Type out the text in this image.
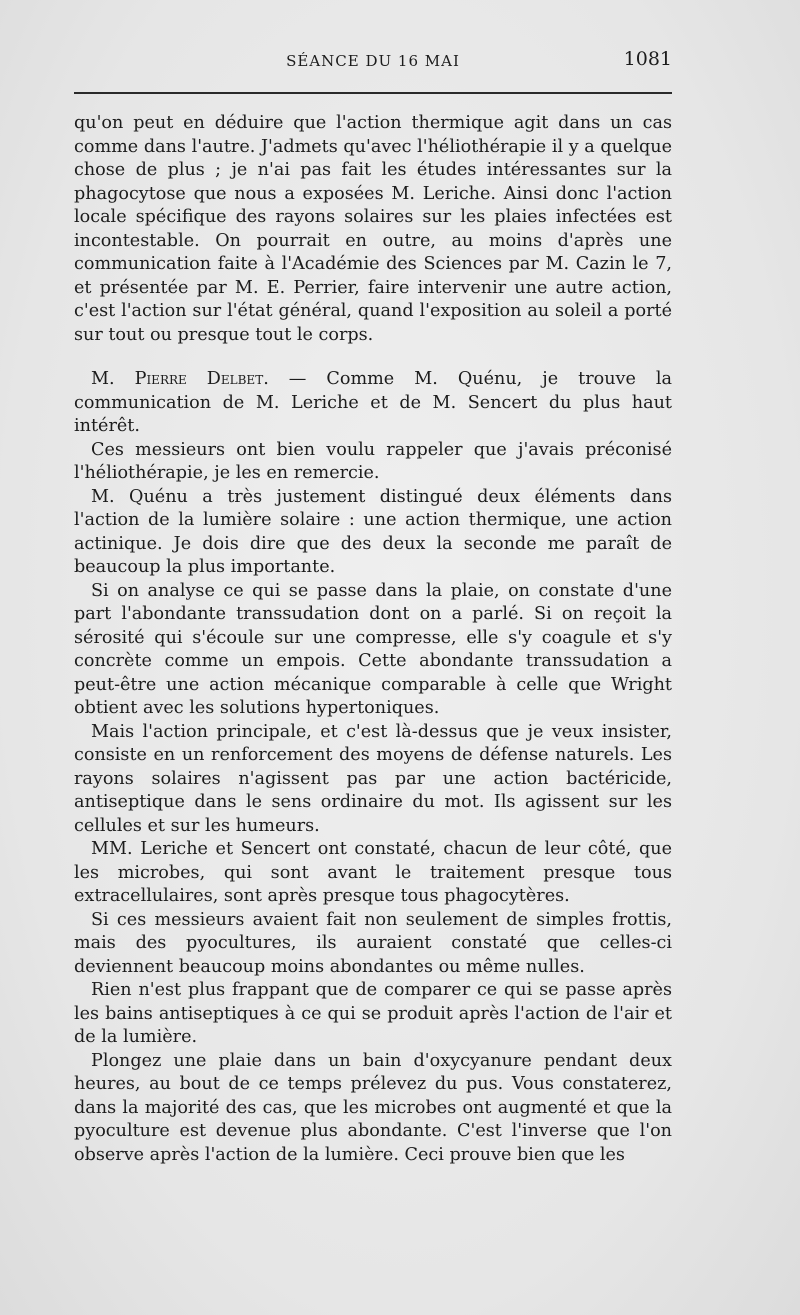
SÉANCE DU 16 MAI	1081

qu'on peut en déduire que l'action thermique agit dans un cas comme dans l'autre. J'admets qu'avec l'héliothérapie il y a quelque chose de plus ; je n'ai pas fait les études intéressantes sur la phagocytose que nous a exposées M. Leriche. Ainsi donc l'action locale spécifique des rayons solaires sur les plaies infectées est incontestable. On pourrait en outre, au moins d'après une communication faite à l'Académie des Sciences par M. Cazin le 7, et présentée par M. E. Perrier, faire intervenir une autre action, c'est l'action sur l'état général, quand l'exposition au soleil a porté sur tout ou presque tout le corps.

M. Pierre Delbet. — Comme M. Quénu, je trouve la communication de M. Leriche et de M. Sencert du plus haut intérêt.

Ces messieurs ont bien voulu rappeler que j'avais préconisé l'héliothérapie, je les en remercie.

M. Quénu a très justement distingué deux éléments dans l'action de la lumière solaire : une action thermique, une action actinique. Je dois dire que des deux la seconde me paraît de beaucoup la plus importante.

Si on analyse ce qui se passe dans la plaie, on constate d'une part l'abondante transsudation dont on a parlé. Si on reçoit la sérosité qui s'écoule sur une compresse, elle s'y coagule et s'y concrète comme un empois. Cette abondante transsudation a peut-être une action mécanique comparable à celle que Wright obtient avec les solutions hypertoniques.

Mais l'action principale, et c'est là-dessus que je veux insister, consiste en un renforcement des moyens de défense naturels. Les rayons solaires n'agissent pas par une action bactéricide, antiseptique dans le sens ordinaire du mot. Ils agissent sur les cellules et sur les humeurs.

MM. Leriche et Sencert ont constaté, chacun de leur côté, que les microbes, qui sont avant le traitement presque tous extracellulaires, sont après presque tous phagocytères.

Si ces messieurs avaient fait non seulement de simples frottis, mais des pyocultures, ils auraient constaté que celles-ci deviennent beaucoup moins abondantes ou même nulles.

Rien n'est plus frappant que de comparer ce qui se passe après les bains antiseptiques à ce qui se produit après l'action de l'air et de la lumière.

Plongez une plaie dans un bain d'oxycyanure pendant deux heures, au bout de ce temps prélevez du pus. Vous constaterez, dans la majorité des cas, que les microbes ont augmenté et que la pyoculture est devenue plus abondante. C'est l'inverse que l'on observe après l'action de la lumière. Ceci prouve bien que les
